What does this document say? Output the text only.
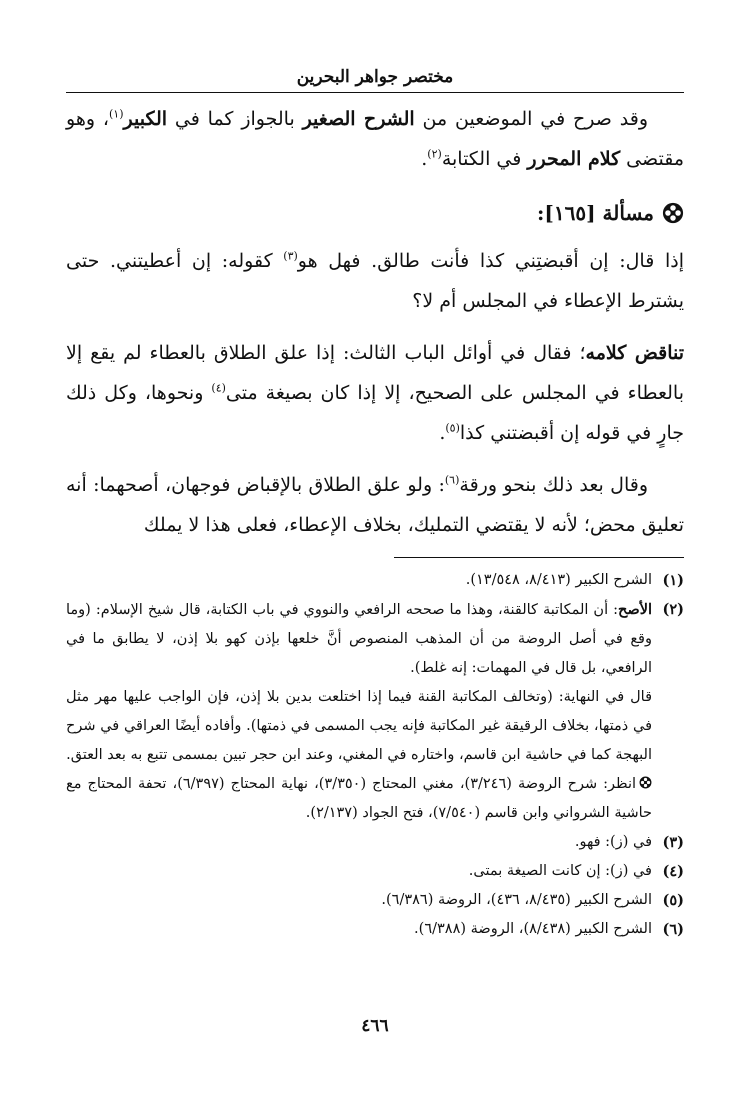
مختصر جواهر البحرين

وقد صرح في الموضعين من الشرح الصغير بالجواز كما في الكبير$^{(١)}$، وهو مقتضى كلام المحرر في الكتابة$^{(٢)}$.

مسألة [١٦٥]:

إذا قال: إن أقبضتِني كذا فأنت طالق. فهل هو$^{(٣)}$ كقوله: إن أعطيتني. حتى يشترط الإعطاء في المجلس أم لا؟

تناقض كلامه؛ فقال في أوائل الباب الثالث: إذا علق الطلاق بالعطاء لم يقع إلا بالعطاء في المجلس على الصحيح، إلا إذا كان بصيغة متى$^{(٤)}$ ونحوها، وكل ذلك جارٍ في قوله إن أقبضتني كذا$^{(٥)}$.

وقال بعد ذلك بنحو ورقة$^{(٦)}$: ولو علق الطلاق بالإقباض فوجهان، أصحهما: أنه تعليق محض؛ لأنه لا يقتضي التمليك، بخلاف الإعطاء، فعلى هذا لا يملك

(١)
الشرح الكبير (٨/٤١٣، ١٣/٥٤٨).
(٢)
الأصح: أن المكاتبة كالقنة، وهذا ما صححه الرافعي والنووي في باب الكتابة، قال شيخ الإسلام: (وما وقع في أصل الروضة من أن المذهب المنصوص أنَّ خلعها بإذن كهو بلا إذن، لا يطابق ما في الرافعي، بل قال في المهمات: إنه غلط).
قال في النهاية: (وتخالف المكاتبة القنة فيما إذا اختلعت بدين بلا إذن، فإن الواجب عليها مهر مثل في ذمتها، بخلاف الرقيقة غير المكاتبة فإنه يجب المسمى في ذمتها). وأفاده أيضًا العراقي في شرح البهجة كما في حاشية ابن قاسم، واختاره في المغني، وعند ابن حجر تبين بمسمى تتبع به بعد العتق.

انظر: شرح الروضة (٣/٢٤٦)، مغني المحتاج (٣/٣٥٠)، نهاية المحتاج (٦/٣٩٧)، تحفة المحتاج مع حاشية الشرواني وابن قاسم (٧/٥٤٠)، فتح الجواد (٢/١٣٧).
(٣)
في (ز): فهو.
(٤)
في (ز): إن كانت الصيغة بمتى.
(٥)
الشرح الكبير (٨/٤٣٥، ٤٣٦)، الروضة (٦/٣٨٦).
(٦)
الشرح الكبير (٨/٤٣٨)، الروضة (٦/٣٨٨).
٤٦٦
